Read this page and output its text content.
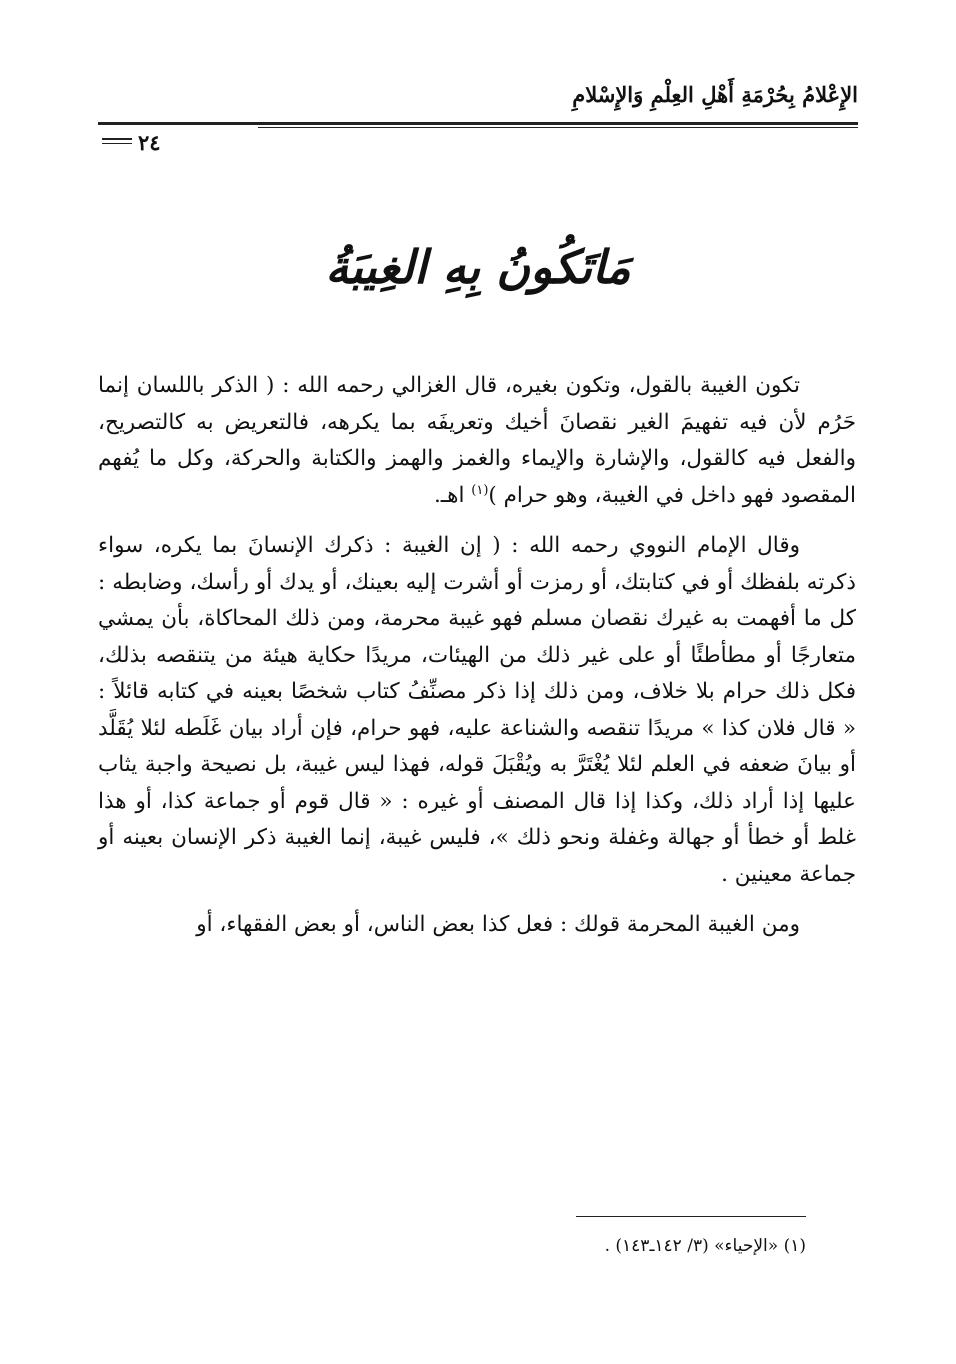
الإِعْلامُ بِحُرْمَةِ أَهْلِ العِلْمِ وَالإِسْلامِ
٢٤
مَاتَكُونُ بِهِ الغِيبَةُ

تكون الغيبة بالقول، وتكون بغيره، قال الغزالي رحمه الله : ( الذكر باللسان إنما حَرُم لأن فيه تفهيمَ الغير نقصانَ أخيك وتعريفَه بما يكرهه، فالتعريض به كالتصريح، والفعل فيه كالقول، والإشارة والإيماء والغمز والهمز والكتابة والحركة، وكل ما يُفهم المقصود فهو داخل في الغيبة، وهو حرام )$^{(١)}$ اهـ.

وقال الإمام النووي رحمه الله : ( إن الغيبة : ذكرك الإنسانَ بما يكره، سواء ذكرته بلفظك أو في كتابتك، أو رمزت أو أشرت إليه بعينك، أو يدك أو رأسك، وضابطه : كل ما أفهمت به غيرك نقصان مسلم فهو غيبة محرمة، ومن ذلك المحاكاة، بأن يمشي متعارجًا أو مطأطئًا أو على غير ذلك من الهيئات، مريدًا حكاية هيئة من يتنقصه بذلك، فكل ذلك حرام بلا خلاف، ومن ذلك إذا ذكر مصنِّفُ كتاب شخصًا بعينه في كتابه قائلاً : « قال فلان كذا » مريدًا تنقصه والشناعة عليه، فهو حرام، فإن أراد بيان غَلَطه لئلا يُقَلَّد أو بيانَ ضعفه في العلم لئلا يُغْتَرَّ به ويُقْبَلَ قوله، فهذا ليس غيبة، بل نصيحة واجبة يثاب عليها إذا أراد ذلك، وكذا إذا قال المصنف أو غيره : « قال قوم أو جماعة كذا، أو هذا غلط أو خطأ أو جهالة وغفلة ونحو ذلك »، فليس غيبة، إنما الغيبة ذكر الإنسان بعينه أو جماعة معينين .

ومن الغيبة المحرمة قولك : فعل كذا بعض الناس، أو بعض الفقهاء، أو

(١) «الإحياء» (٣/ ١٤٢ـ١٤٣) .
